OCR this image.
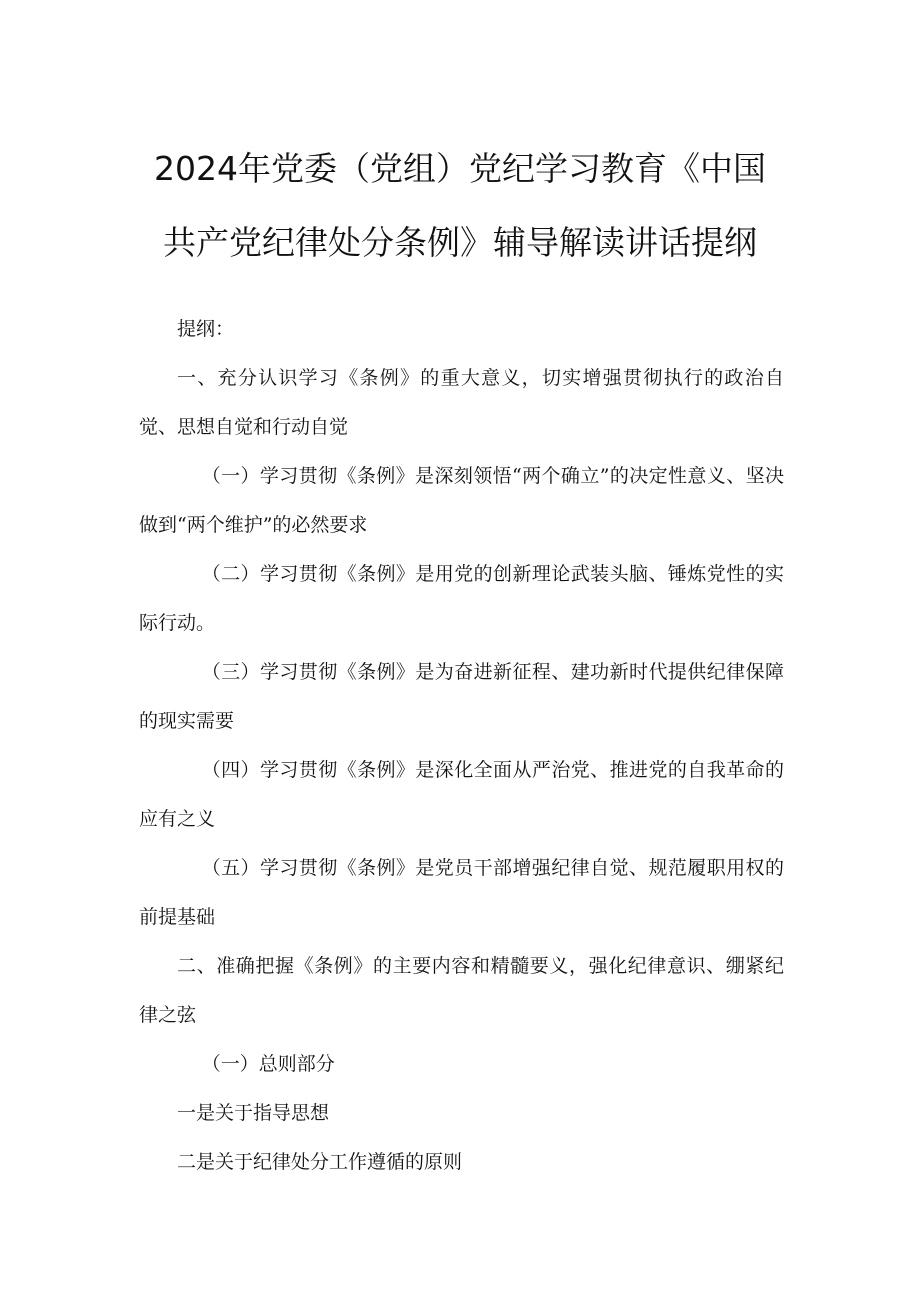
2024年党委（党组）党纪学习教育《中国
共产党纪律处分条例》辅导解读讲话提纲

提纲：

一、充分认识学习《条例》的重大意义，切实增强贯彻执行的政治自觉、思想自觉和行动自觉

（一）学习贯彻《条例》是深刻领悟“两个确立”的决定性意义、坚决做到“两个维护”的必然要求

（二）学习贯彻《条例》是用党的创新理论武装头脑、锤炼党性的实际行动。

（三）学习贯彻《条例》是为奋进新征程、建功新时代提供纪律保障的现实需要

（四）学习贯彻《条例》是深化全面从严治党、推进党的自我革命的应有之义

（五）学习贯彻《条例》是党员干部增强纪律自觉、规范履职用权的前提基础

二、准确把握《条例》的主要内容和精髓要义，强化纪律意识、绷紧纪律之弦

（一）总则部分

一是关于指导思想

二是关于纪律处分工作遵循的原则
